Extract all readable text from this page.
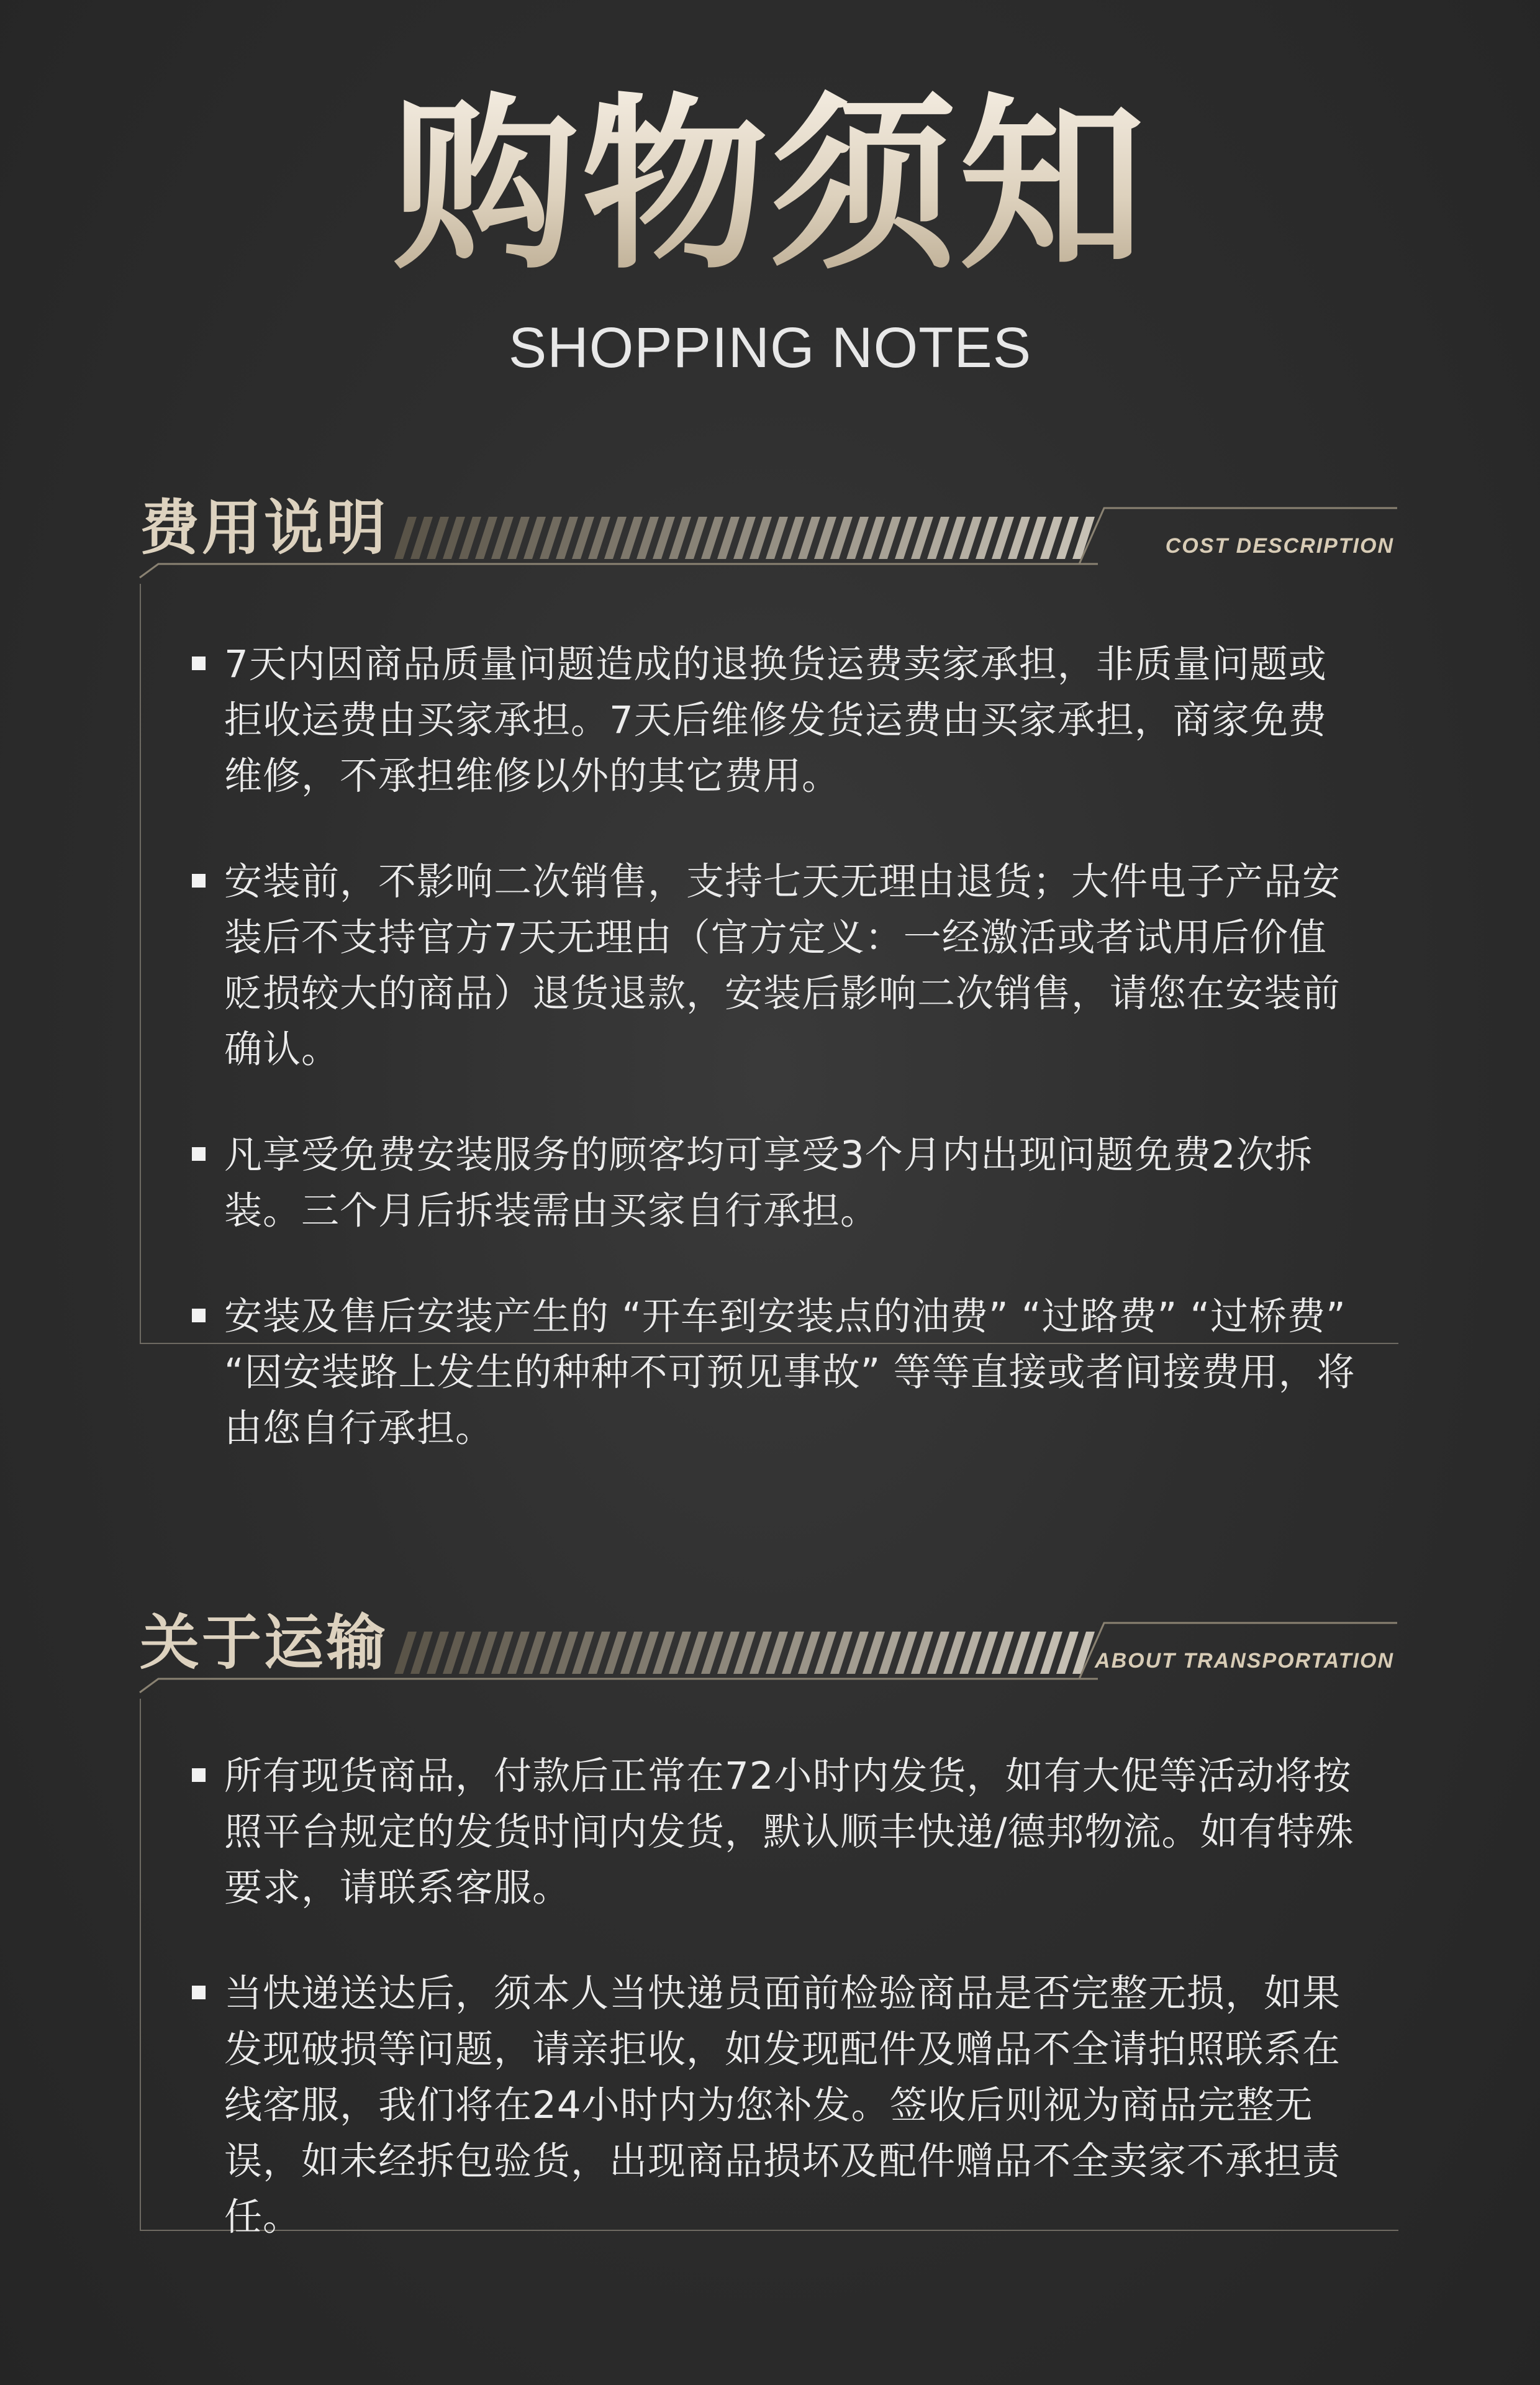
购物须知
SHOPPING NOTES
费用说明	COST DESCRIPTION
7天内因商品质量问题造成的退换货运费卖家承担，非质量问题或拒收运费由买家承担。7天后维修发货运费由买家承担，商家免费维修，不承担维修以外的其它费用。
安装前，不影响二次销售，支持七天无理由退货；大件电子产品安装后不支持官方7天无理由（官方定义：一经激活或者试用后价值贬损较大的商品）退货退款，安装后影响二次销售，请您在安装前确认。
凡享受免费安装服务的顾客均可享受3个月内出现问题免费2次拆装。三个月后拆装需由买家自行承担。
安装及售后安装产生的 “开车到安装点的油费” “过路费” “过桥费” “因安装路上发生的种种不可预见事故” 等等直接或者间接费用，将由您自行承担。
关于运输	ABOUT TRANSPORTATION
所有现货商品，付款后正常在72小时内发货，如有大促等活动将按照平台规定的发货时间内发货，默认顺丰快递/德邦物流。如有特殊要求，请联系客服。
当快递送达后，须本人当快递员面前检验商品是否完整无损，如果发现破损等问题，请亲拒收，如发现配件及赠品不全请拍照联系在线客服，我们将在24小时内为您补发。签收后则视为商品完整无误，如未经拆包验货，出现商品损坏及配件赠品不全卖家不承担责任。
